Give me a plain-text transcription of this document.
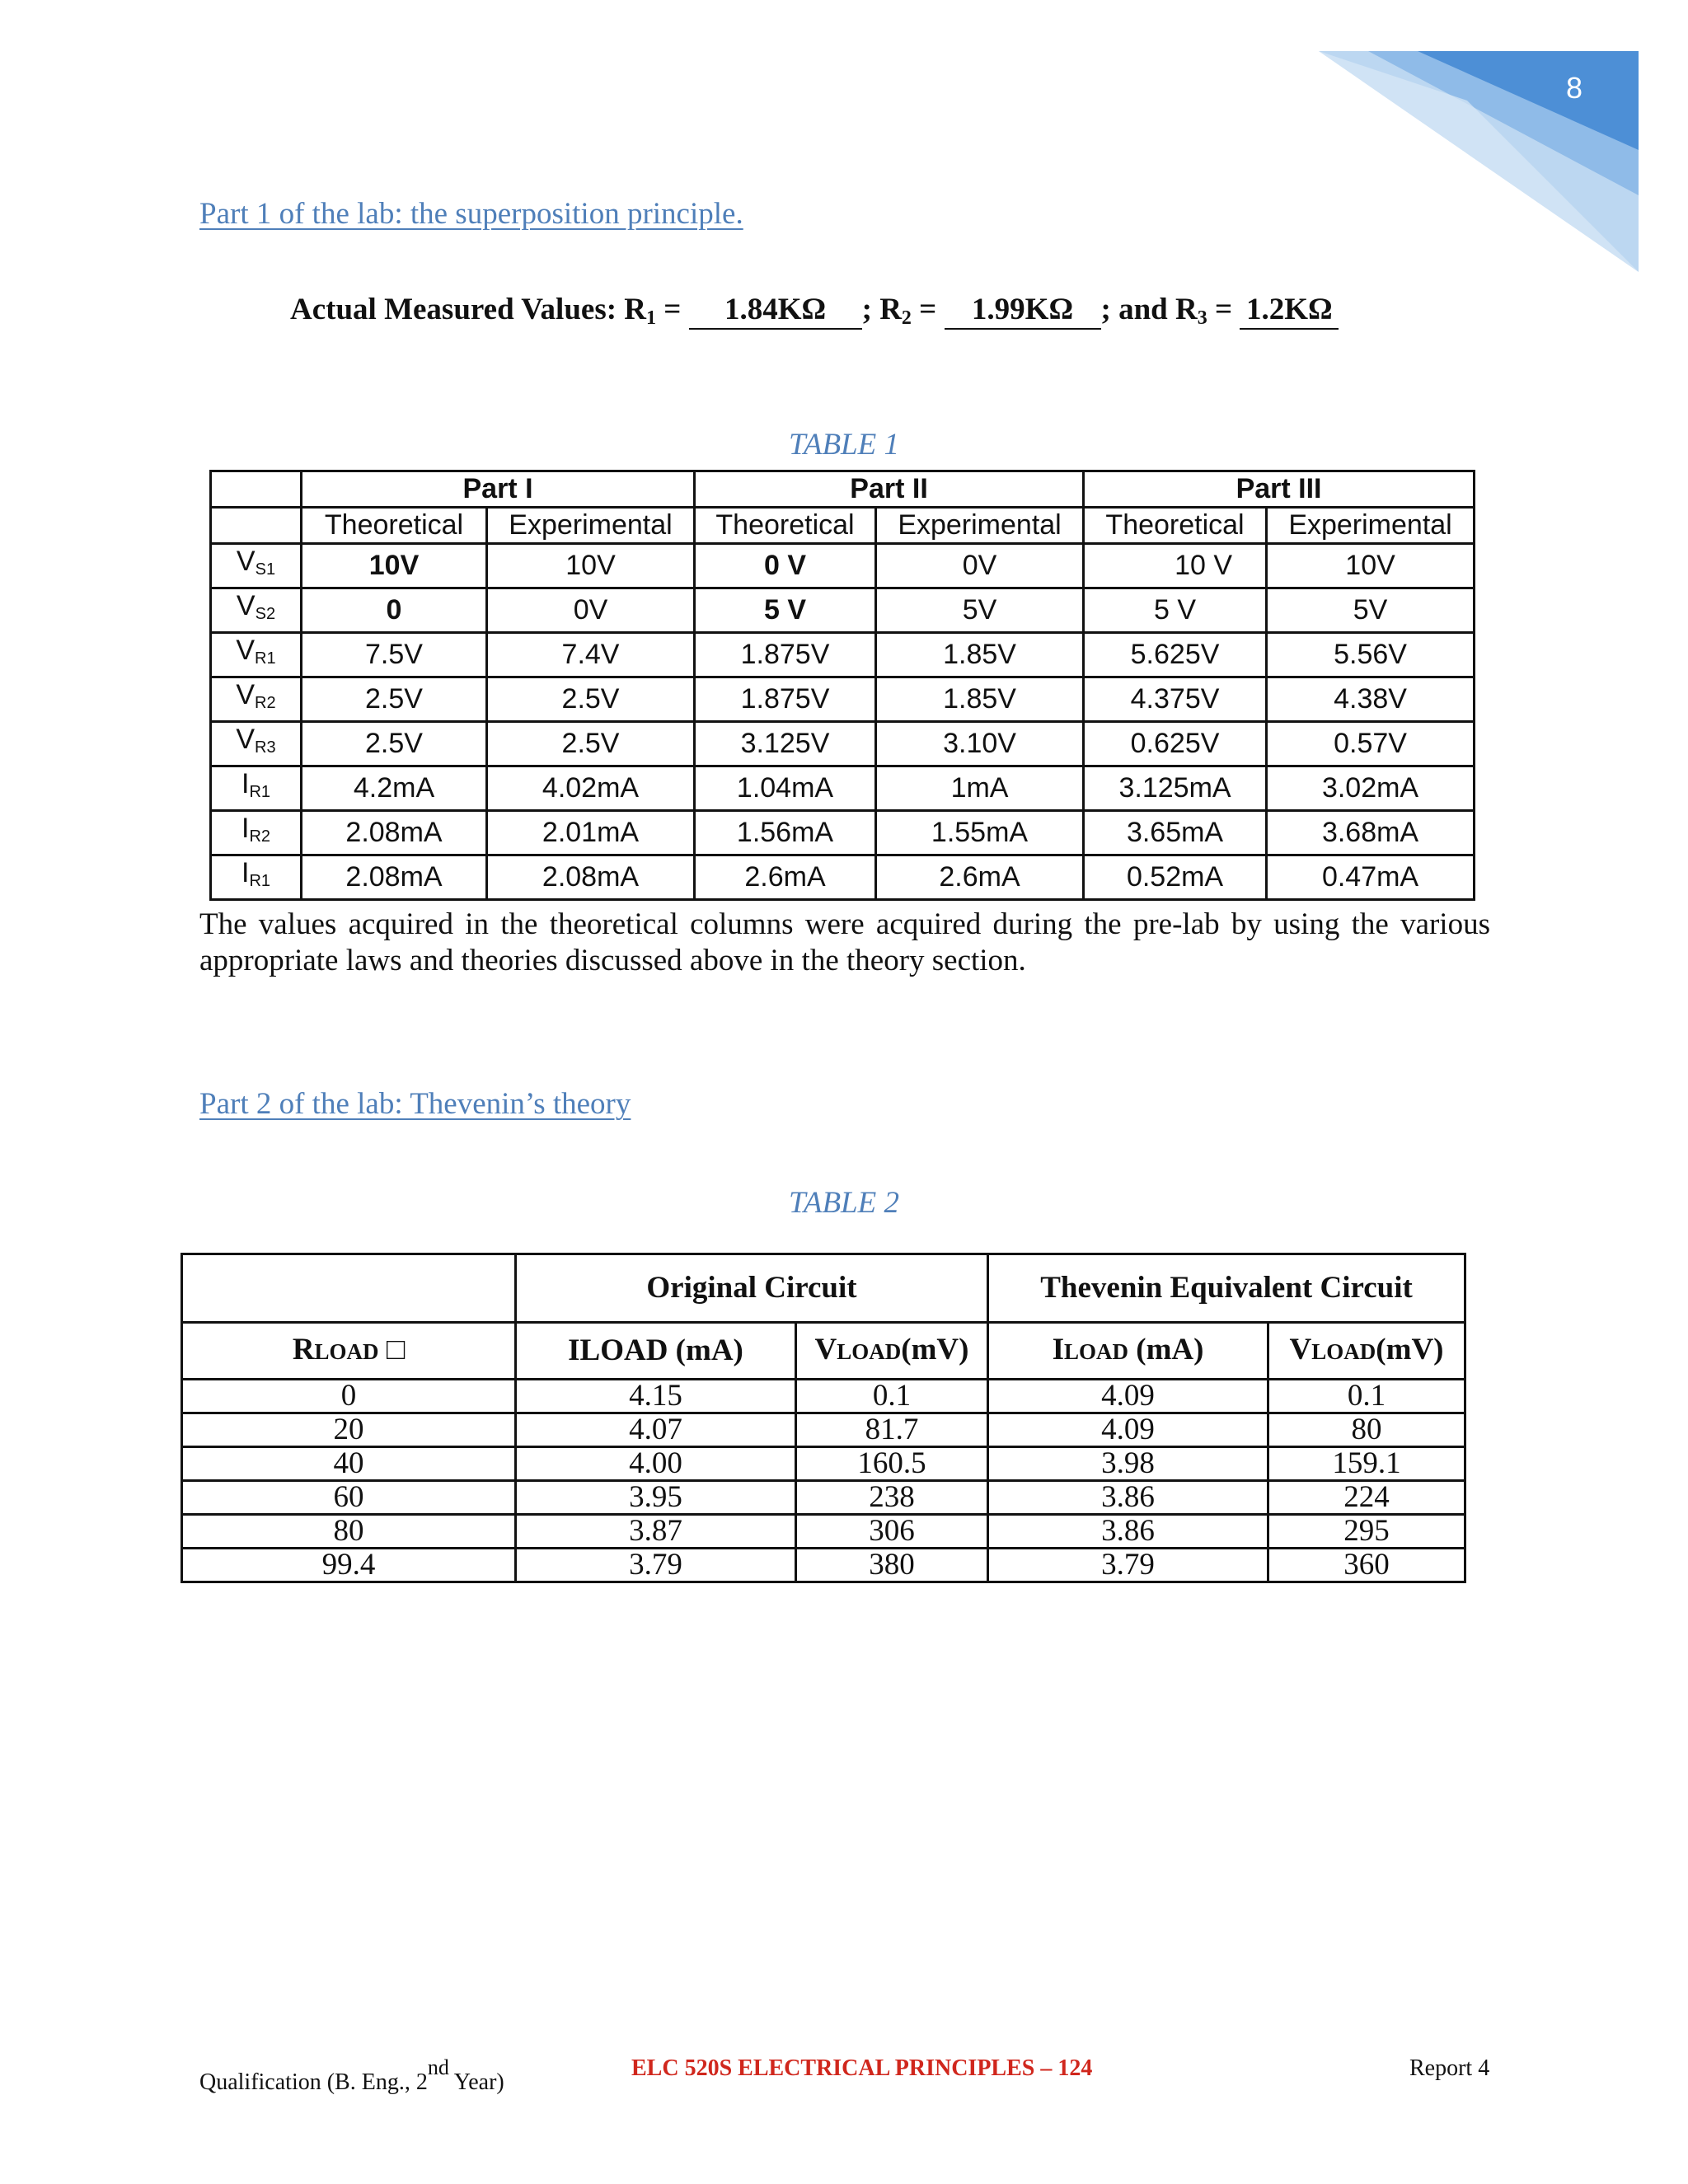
8
Part 1 of the lab: the superposition principle.
Actual Measured Values: $R_1 = 1.84K\Omega$ ; $R_2 = 1.99K\Omega$ ; and $R_3 = 1.2K\Omega$
TABLE 1
	Part I		Part II		Part III	
	Theoretical	Experimental	Theoretical	Experimental	Theoretical	Experimental
$V_{S1}$	10V	10V	0 V	0V	10 V	10V
$V_{S2}$	0	0V	5 V	5V	5 V	5V
$V_{R1}$	7.5V	7.4V	1.875V	1.85V	5.625V	5.56V
$V_{R2}$	2.5V	2.5V	1.875V	1.85V	4.375V	4.38V
$V_{R3}$	2.5V	2.5V	3.125V	3.10V	0.625V	0.57V
$I_{R1}$	4.2mA	4.02mA	1.04mA	1mA	3.125mA	3.02mA
$I_{R2}$	2.08mA	2.01mA	1.56mA	1.55mA	3.65mA	3.68mA
$I_{R1}$	2.08mA	2.08mA	2.6mA	2.6mA	0.52mA	0.47mA
The values acquired in the theoretical columns were acquired during the pre-lab by using the various appropriate laws and theories discussed above in the theory section.
Part 2 of the lab: Thevenin’s theory
TABLE 2
	Original Circuit		Thevenin Equivalent Circuit	
RLOAD □	ILOAD (mA)	VLOAD(mV)	ILOAD (mA)	VLOAD(mV)
0	4.15	0.1	4.09	0.1
20	4.07	81.7	4.09	80
40	4.00	160.5	3.98	159.1
60	3.95	238	3.86	224
80	3.87	306	3.86	295
99.4	3.79	380	3.79	360
Qualification (B. Eng., 2nd Year)
ELC 520S ELECTRICAL PRINCIPLES – 124	Report 4
